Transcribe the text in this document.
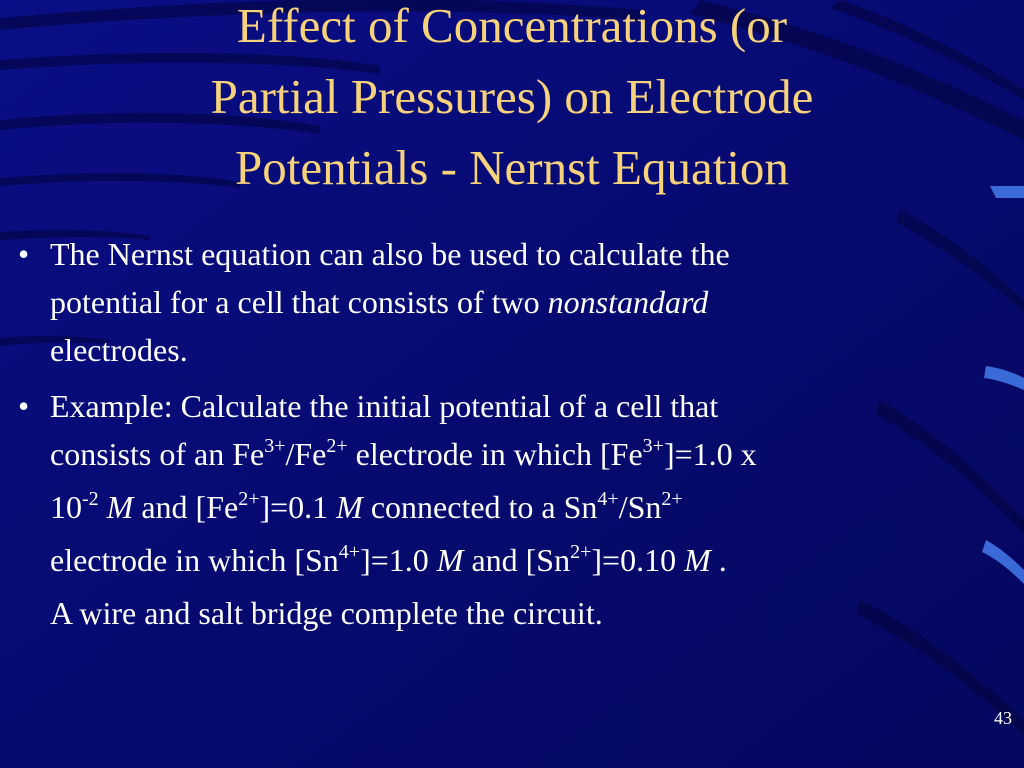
Effect of Concentrations (or
Partial Pressures) on Electrode
Potentials - Nernst Equation
• The Nernst equation can also be used to calculate the
potential for a cell that consists of two nonstandard
electrodes.
• Example: Calculate the initial potential of a cell that
consists of an $Fe^{3+}/Fe^{2+}$ electrode in which $[Fe^{3+}]=1.0$ x
$10^{-2}$ M and $[Fe^{2+}]=0.1$ M connected to a $Sn^{4+}/Sn^{2+}$
electrode in which $[Sn^{4+}]=1.0$ M and $[Sn^{2+}]=0.10$ M .
A wire and salt bridge complete the circuit.
43
